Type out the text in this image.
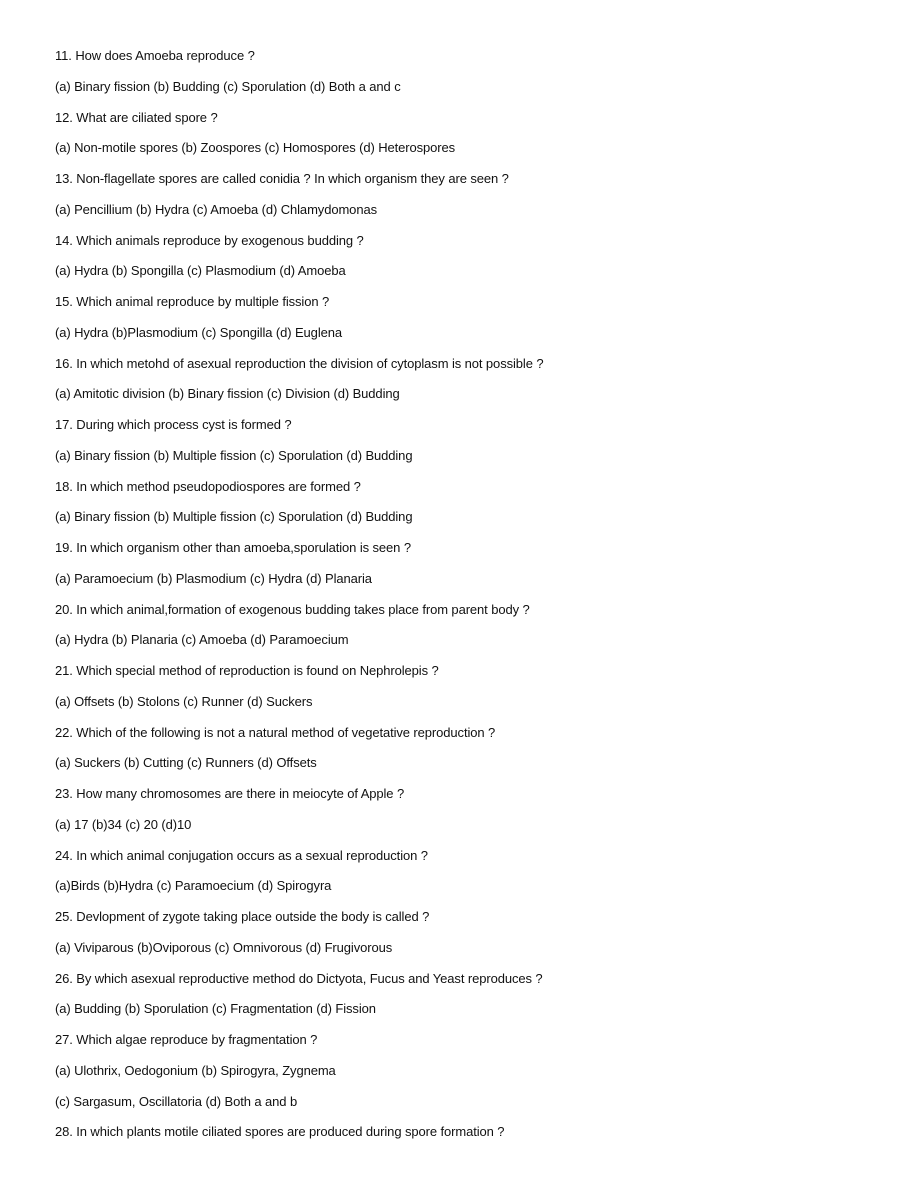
11. How does Amoeba reproduce ?
(a) Binary fission (b) Budding (c) Sporulation (d) Both a and c
12. What are ciliated spore ?
(a) Non-motile spores (b) Zoospores (c) Homospores (d) Heterospores
13. Non-flagellate spores are called conidia ? In which organism they are seen ?
(a) Pencillium (b) Hydra (c) Amoeba (d) Chlamydomonas
14. Which animals reproduce by exogenous budding ?
(a) Hydra (b) Spongilla (c) Plasmodium (d) Amoeba
15. Which animal reproduce by multiple fission ?
(a) Hydra (b)Plasmodium (c) Spongilla (d) Euglena
16. In which metohd of asexual reproduction the division of cytoplasm is not possible ?
(a) Amitotic division (b) Binary fission (c) Division (d) Budding
17. During which process cyst is formed ?
(a) Binary fission (b) Multiple fission (c) Sporulation (d) Budding
18. In which method pseudopodiospores are formed ?
(a) Binary fission (b) Multiple fission (c) Sporulation (d) Budding
19. In which organism other than amoeba,sporulation is seen ?
(a) Paramoecium (b) Plasmodium (c) Hydra (d) Planaria
20. In which animal,formation of exogenous budding takes place from parent body ?
(a) Hydra (b) Planaria (c) Amoeba (d) Paramoecium
21. Which special method of reproduction is found on Nephrolepis ?
(a) Offsets (b) Stolons (c) Runner (d) Suckers
22. Which of the following is not a natural method of vegetative reproduction ?
(a) Suckers (b) Cutting (c) Runners (d) Offsets
23. How many chromosomes are there in meiocyte of Apple ?
(a) 17 (b)34 (c) 20 (d)10
24. In which animal conjugation occurs as a sexual reproduction ?
(a)Birds (b)Hydra (c) Paramoecium (d) Spirogyra
25. Devlopment of zygote taking place outside the body is called ?
(a) Viviparous (b)Oviporous (c) Omnivorous (d) Frugivorous
26. By which asexual reproductive method do Dictyota, Fucus and Yeast reproduces ?
(a) Budding (b) Sporulation (c) Fragmentation (d) Fission
27. Which algae reproduce by fragmentation ?
(a) Ulothrix, Oedogonium (b) Spirogyra, Zygnema
(c) Sargasum, Oscillatoria (d) Both a and b
28. In which plants motile ciliated spores are produced during spore formation ?
